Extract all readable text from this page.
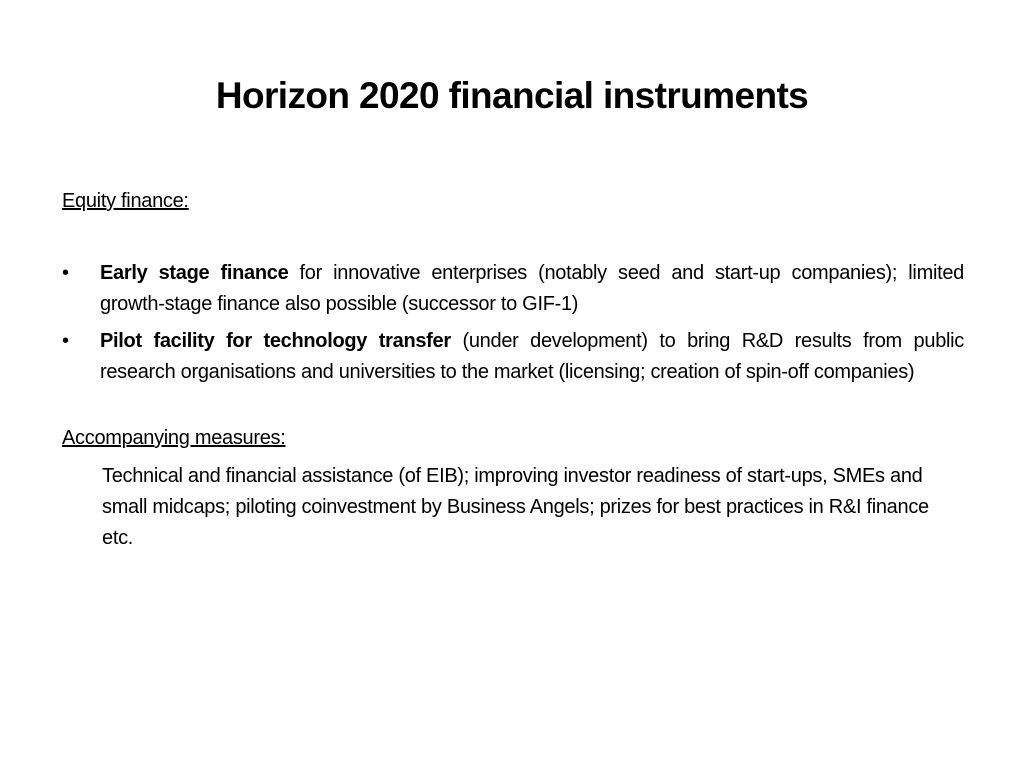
Horizon 2020 financial instruments

Equity finance:

• Early stage finance for innovative enterprises (notably seed and start-up companies); limited growth-stage finance also possible (successor to GIF-1)
• Pilot facility for technology transfer (under development) to bring R&D results from public research organisations and universities to the market (licensing; creation of spin-off companies)

Accompanying measures:

Technical and financial assistance (of EIB); improving investor readiness of start-ups, SMEs and small midcaps; piloting coinvestment by Business Angels; prizes for best practices in R&I finance etc.
